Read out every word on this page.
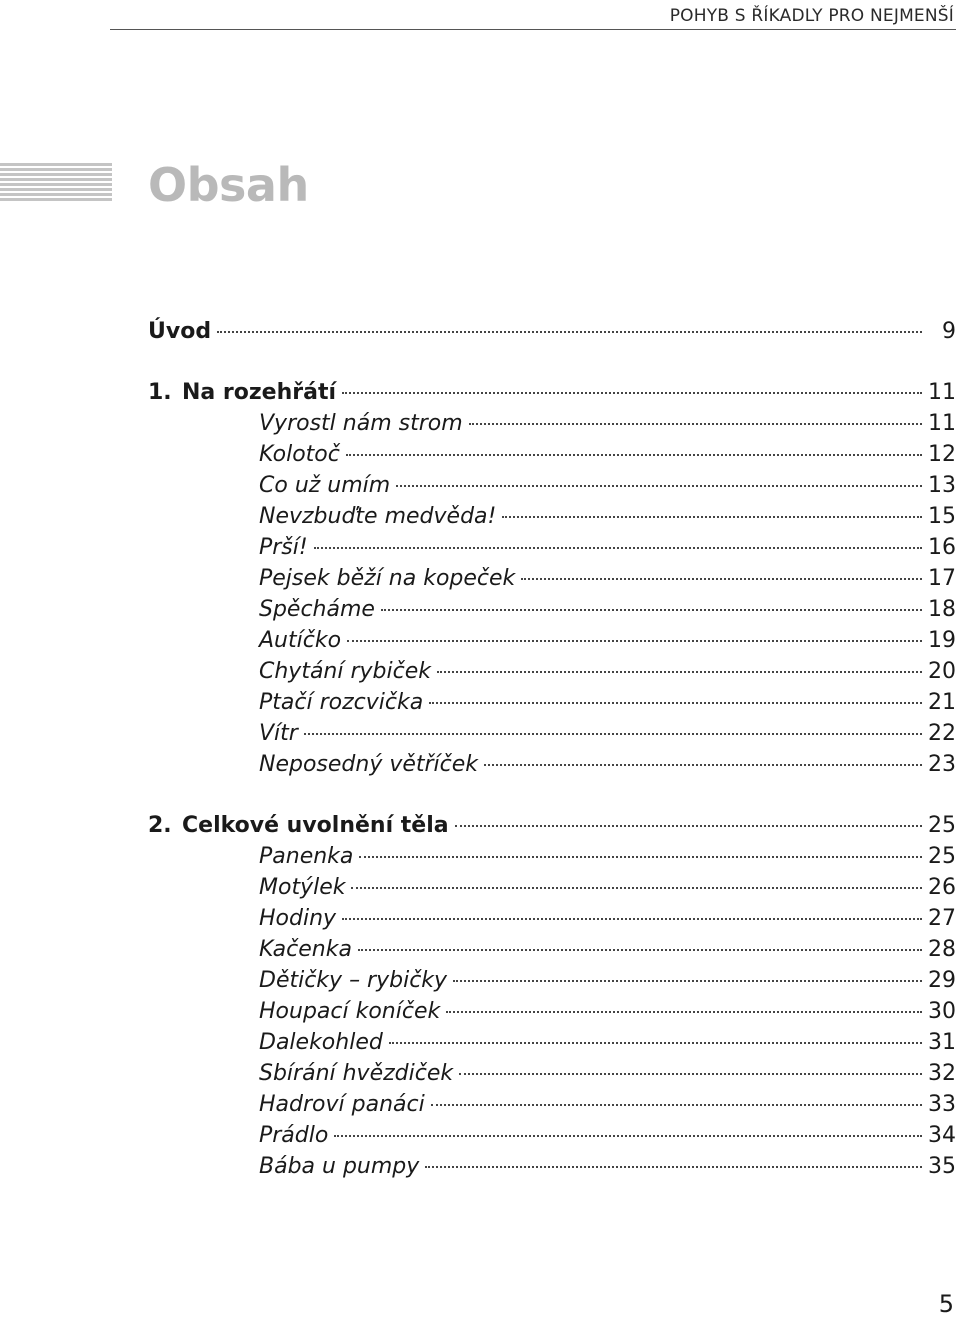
POHYB S ŘÍKADLY PRO NEJMENŠÍ
Obsah
Úvod	9
1. Na rozehřátí	11
Vyrostl nám strom	11
Kolotoč	12
Co už umím	13
Nevzbuďte medvěda!	15
Prší!	16
Pejsek běží na kopeček	17
Spěcháme	18
Autíčko	19
Chytání rybiček	20
Ptačí rozcvička	21
Vítr	22
Neposedný větříček	23
2. Celkové uvolnění těla	25
Panenka	25
Motýlek	26
Hodiny	27
Kačenka	28
Dětičky – rybičky	29
Houpací koníček	30
Dalekohled	31
Sbírání hvězdiček	32
Hadroví panáci	33
Prádlo	34
Bába u pumpy	35
5
